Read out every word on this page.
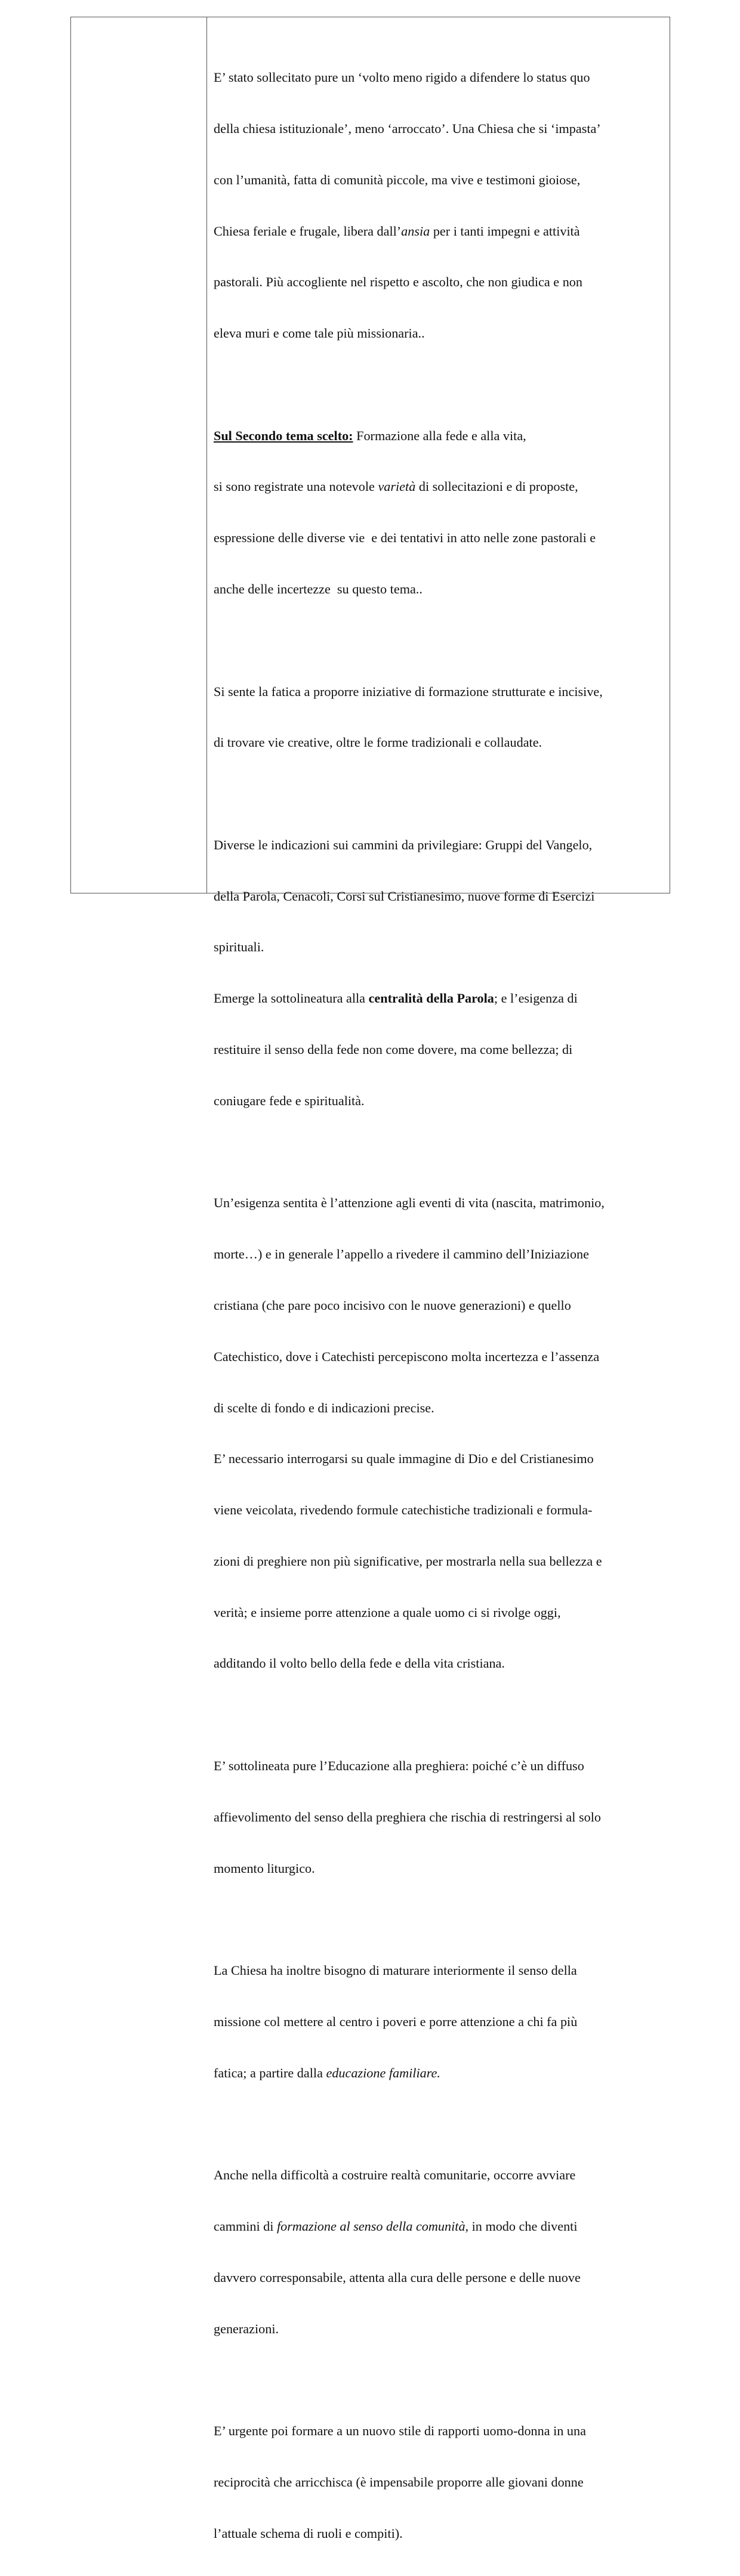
E’ stato sollecitato pure un ‘volto meno rigido a difendere lo status quo

della chiesa istituzionale’, meno ‘arroccato’. Una Chiesa che si ‘impasta’

con l’umanità, fatta di comunità piccole, ma vive e testimoni gioiose,

Chiesa feriale e frugale, libera dall’ansia per i tanti impegni e attività

pastorali. Più accogliente nel rispetto e ascolto, che non giudica e non

eleva muri e come tale più missionaria..

Sul Secondo tema scelto: Formazione alla fede e alla vita,

si sono registrate una notevole varietà di sollecitazioni e di proposte,

espressione delle diverse vie  e dei tentativi in atto nelle zone pastorali e

anche delle incertezze  su questo tema..

Si sente la fatica a proporre iniziative di formazione strutturate e incisive,

di trovare vie creative, oltre le forme tradizionali e collaudate.

Diverse le indicazioni sui cammini da privilegiare: Gruppi del Vangelo,

della Parola, Cenacoli, Corsi sul Cristianesimo, nuove forme di Esercizi

spirituali.

Emerge la sottolineatura alla centralità della Parola; e l’esigenza di

restituire il senso della fede non come dovere, ma come bellezza; di

coniugare fede e spiritualità.

Un’esigenza sentita è l’attenzione agli eventi di vita (nascita, matrimonio,

morte…) e in generale l’appello a rivedere il cammino dell’Iniziazione

cristiana (che pare poco incisivo con le nuove generazioni) e quello

Catechistico, dove i Catechisti percepiscono molta incertezza e l’assenza

di scelte di fondo e di indicazioni precise.

E’ necessario interrogarsi su quale immagine di Dio e del Cristianesimo

viene veicolata, rivedendo formule catechistiche tradizionali e formula-

zioni di preghiere non più significative, per mostrarla nella sua bellezza e

verità; e insieme porre attenzione a quale uomo ci si rivolge oggi,

additando il volto bello della fede e della vita cristiana.

E’ sottolineata pure l’Educazione alla preghiera: poiché c’è un diffuso

affievolimento del senso della preghiera che rischia di restringersi al solo

momento liturgico.

La Chiesa ha inoltre bisogno di maturare interiormente il senso della

missione col mettere al centro i poveri e porre attenzione a chi fa più

fatica; a partire dalla educazione familiare.

Anche nella difficoltà a costruire realtà comunitarie, occorre avviare

cammini di formazione al senso della comunità, in modo che diventi

davvero corresponsabile, attenta alla cura delle persone e delle nuove

generazioni.

E’ urgente poi formare a un nuovo stile di rapporti uomo-donna in una

reciprocità che arricchisca (è impensabile proporre alle giovani donne

l’attuale schema di ruoli e compiti).
